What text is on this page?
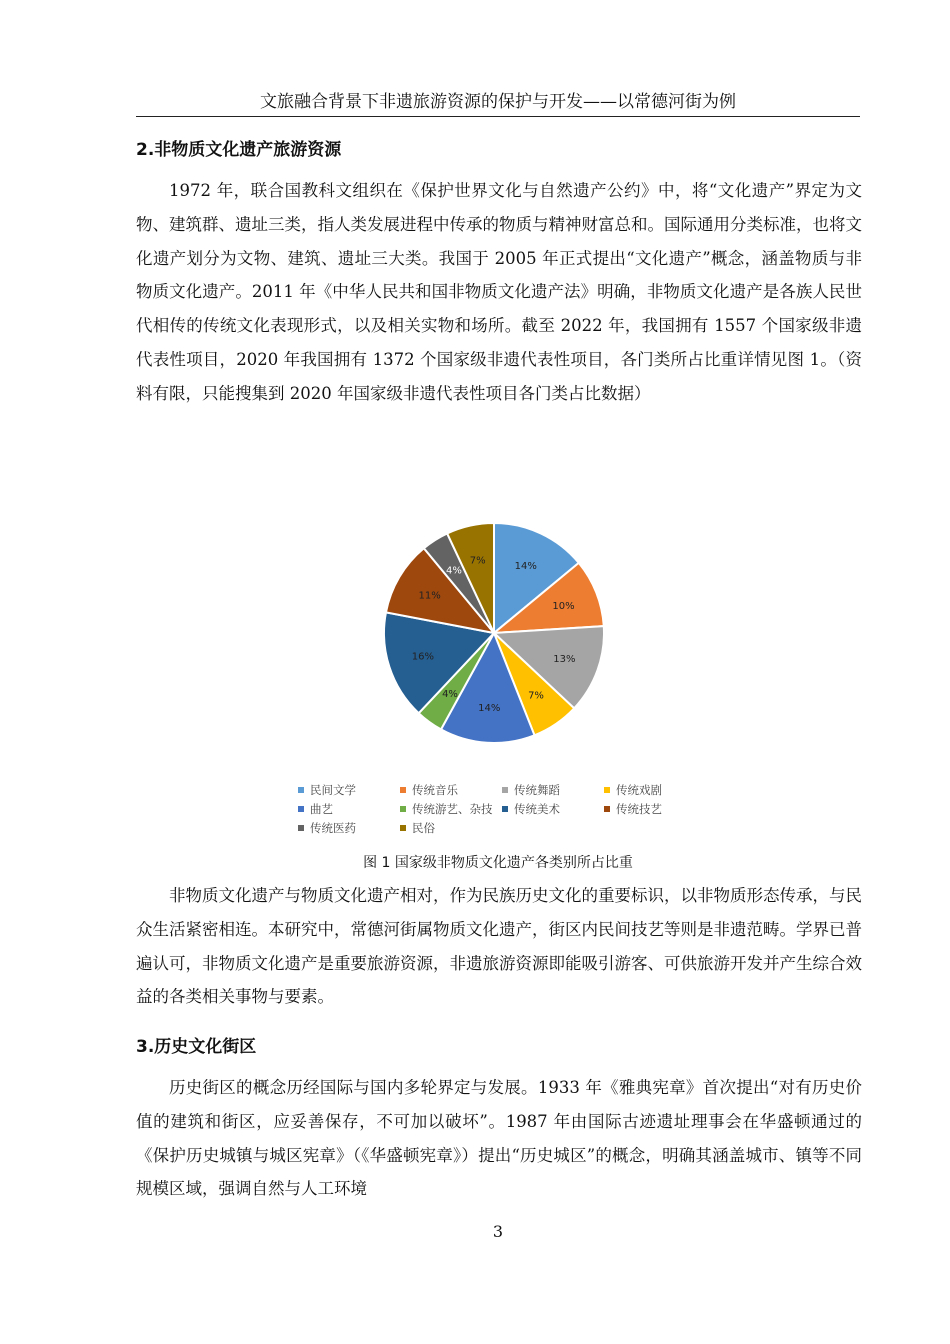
文旅融合背景下非遗旅游资源的保护与开发——以常德河街为例
2.非物质文化遗产旅游资源

1972 年，联合国教科文组织在《保护世界文化与自然遗产公约》中，将“文化遗产”界定为文物、建筑群、遗址三类，指人类发展进程中传承的物质与精神财富总和。国际通用分类标准，也将文化遗产划分为文物、建筑、遗址三大类。我国于 2005 年正式提出“文化遗产”概念，涵盖物质与非物质文化遗产。2011 年《中华人民共和国非物质文化遗产法》明确，非物质文化遗产是各族人民世代相传的传统文化表现形式，以及相关实物和场所。截至 2022 年，我国拥有 1557 个国家级非遗代表性项目，2020 年我国拥有 1372 个国家级非遗代表性项目，各门类所占比重详情见图 1。（资料有限，只能搜集到 2020 年国家级非遗代表性项目各门类占比数据）

14%
10%
13%
7%
14%
4%
16%
11%
4%
7%
民间文学	传统音乐	传统舞蹈	传统戏剧
曲艺	传统游艺、杂技 传统美术	传统技艺
传统医药	民俗
图 1 国家级非物质文化遗产各类别所占比重

非物质文化遗产与物质文化遗产相对，作为民族历史文化的重要标识，以非物质形态传承，与民众生活紧密相连。本研究中，常德河街属物质文化遗产，街区内民间技艺等则是非遗范畴。学界已普遍认可，非物质文化遗产是重要旅游资源，非遗旅游资源即能吸引游客、可供旅游开发并产生综合效益的各类相关事物与要素。

3.历史文化街区

历史街区的概念历经国际与国内多轮界定与发展。1933 年《雅典宪章》首次提出“对有历史价值的建筑和街区，应妥善保存，不可加以破坏”。1987 年由国际古迹遗址理事会在华盛顿通过的《保护历史城镇与城区宪章》（《华盛顿宪章》）提出“历史城区”的概念，明确其涵盖城市、镇等不同规模区域，强调自然与人工环境

3
